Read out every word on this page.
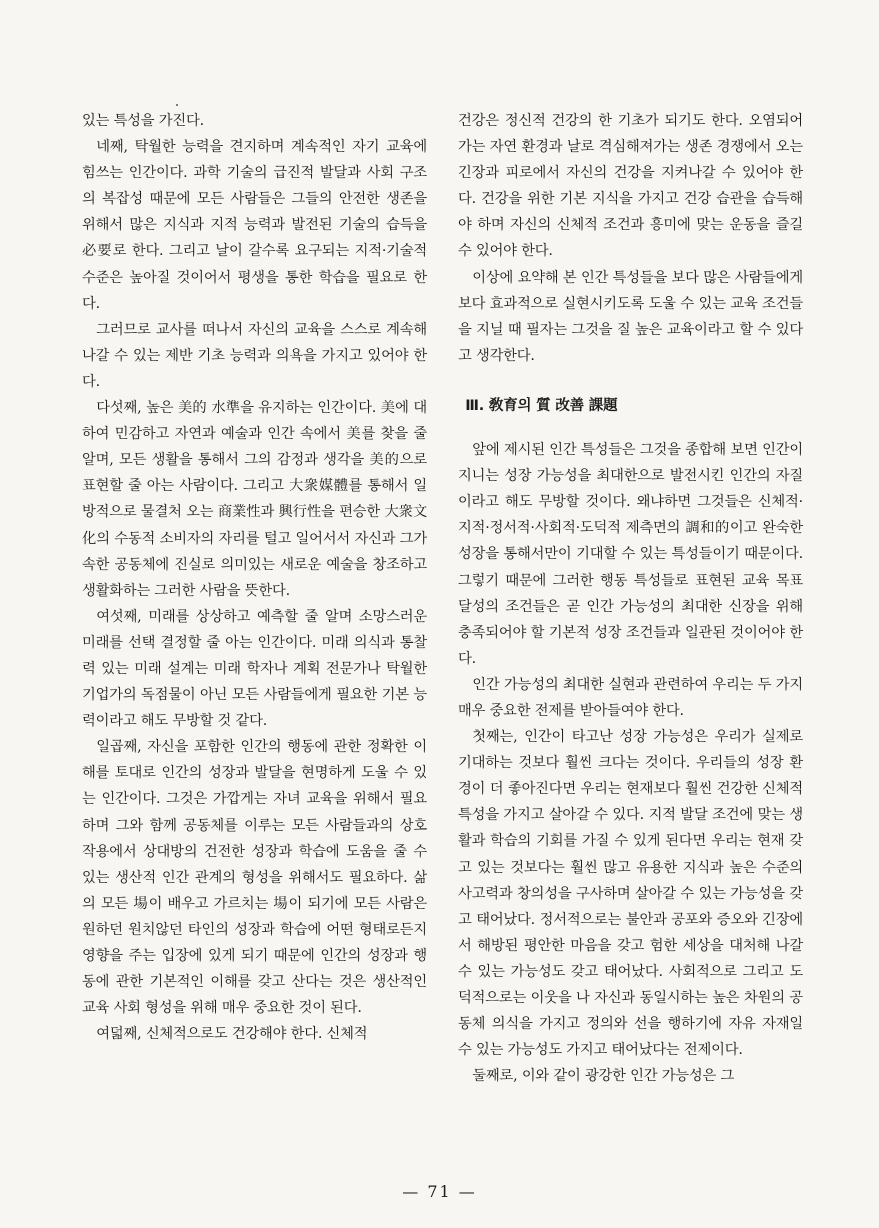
있는 특성을 가진다.

네째, 탁월한 능력을 견지하며 계속적인 자기 교육에 힘쓰는 인간이다. 과학 기술의 급진적 발달과 사회 구조의 복잡성 때문에 모든 사람들은 그들의 안전한 생존을 위해서 많은 지식과 지적 능력과 발전된 기술의 습득을 必要로 한다. 그리고 날이 갈수록 요구되는 지적·기술적 수준은 높아질 것이어서 평생을 통한 학습을 필요로 한다.

그러므로 교사를 떠나서 자신의 교육을 스스로 계속해 나갈 수 있는 제반 기초 능력과 의욕을 가지고 있어야 한다.

다섯째, 높은 美的 水準을 유지하는 인간이다. 美에 대하여 민감하고 자연과 예술과 인간 속에서 美를 찾을 줄 알며, 모든 생활을 통해서 그의 감정과 생각을 美的으로 표현할 줄 아는 사람이다. 그리고 大衆媒體를 통해서 일방적으로 물결처 오는 商業性과 興行性을 편승한 大衆文化의 수동적 소비자의 자리를 털고 일어서서 자신과 그가 속한 공동체에 진실로 의미있는 새로운 예술을 창조하고 생활화하는 그러한 사람을 뜻한다.

여섯째, 미래를 상상하고 예측할 줄 알며 소망스러운 미래를 선택 결정할 줄 아는 인간이다. 미래 의식과 통찰력 있는 미래 설계는 미래 학자나 계획 전문가나 탁월한 기업가의 독점물이 아닌 모든 사람들에게 필요한 기본 능력이라고 해도 무방할 것 같다.

일곱째, 자신을 포함한 인간의 행동에 관한 정확한 이해를 토대로 인간의 성장과 발달을 현명하게 도울 수 있는 인간이다. 그것은 가깝게는 자녀 교육을 위해서 필요하며 그와 함께 공동체를 이루는 모든 사람들과의 상호 작용에서 상대방의 건전한 성장과 학습에 도움을 줄 수 있는 생산적 인간 관계의 형성을 위해서도 필요하다. 삶의 모든 場이 배우고 가르치는 場이 되기에 모든 사람은 원하던 원치않던 타인의 성장과 학습에 어떤 형태로든지 영향을 주는 입장에 있게 되기 때문에 인간의 성장과 행동에 관한 기본적인 이해를 갖고 산다는 것은 생산적인 교육 사회 형성을 위해 매우 중요한 것이 된다.

여덟째, 신체적으로도 건강해야 한다. 신체적

건강은 정신적 건강의 한 기초가 되기도 한다. 오염되어가는 자연 환경과 날로 격심해져가는 생존 경쟁에서 오는 긴장과 피로에서 자신의 건강을 지켜나갈 수 있어야 한다. 건강을 위한 기본 지식을 가지고 건강 습관을 습득해야 하며 자신의 신체적 조건과 흥미에 맞는 운동을 즐길 수 있어야 한다.

이상에 요약해 본 인간 특성들을 보다 많은 사람들에게 보다 효과적으로 실현시키도록 도울 수 있는 교육 조건들을 지닐 때 필자는 그것을 질 높은 교육이라고 할 수 있다고 생각한다.

Ⅲ. 敎育의 質 改善 課題

앞에 제시된 인간 특성들은 그것을 종합해 보면 인간이 지니는 성장 가능성을 최대한으로 발전시킨 인간의 자질이라고 해도 무방할 것이다. 왜냐하면 그것들은 신체적·지적·정서적·사회적·도덕적 제측면의 調和的이고 완숙한 성장을 통해서만이 기대할 수 있는 특성들이기 때문이다. 그렇기 때문에 그러한 행동 특성들로 표현된 교육 목표 달성의 조건들은 곧 인간 가능성의 최대한 신장을 위해 충족되어야 할 기본적 성장 조건들과 일관된 것이어야 한다.

인간 가능성의 최대한 실현과 관련하여 우리는 두 가지 매우 중요한 전제를 받아들여야 한다.

첫째는, 인간이 타고난 성장 가능성은 우리가 실제로 기대하는 것보다 훨씬 크다는 것이다. 우리들의 성장 환경이 더 좋아진다면 우리는 현재보다 훨씬 건강한 신체적 특성을 가지고 살아갈 수 있다. 지적 발달 조건에 맞는 생활과 학습의 기회를 가질 수 있게 된다면 우리는 현재 갖고 있는 것보다는 훨씬 많고 유용한 지식과 높은 수준의 사고력과 창의성을 구사하며 살아갈 수 있는 가능성을 갖고 태어났다. 정서적으로는 불안과 공포와 증오와 긴장에서 해방된 평안한 마음을 갖고 험한 세상을 대처해 나갈 수 있는 가능성도 갖고 태어났다. 사회적으로 그리고 도덕적으로는 이웃을 나 자신과 동일시하는 높은 차원의 공동체 의식을 가지고 정의와 선을 행하기에 자유 자재일 수 있는 가능성도 가지고 태어났다는 전제이다.

둘째로, 이와 같이 광강한 인간 가능성은 그

— 71 —
